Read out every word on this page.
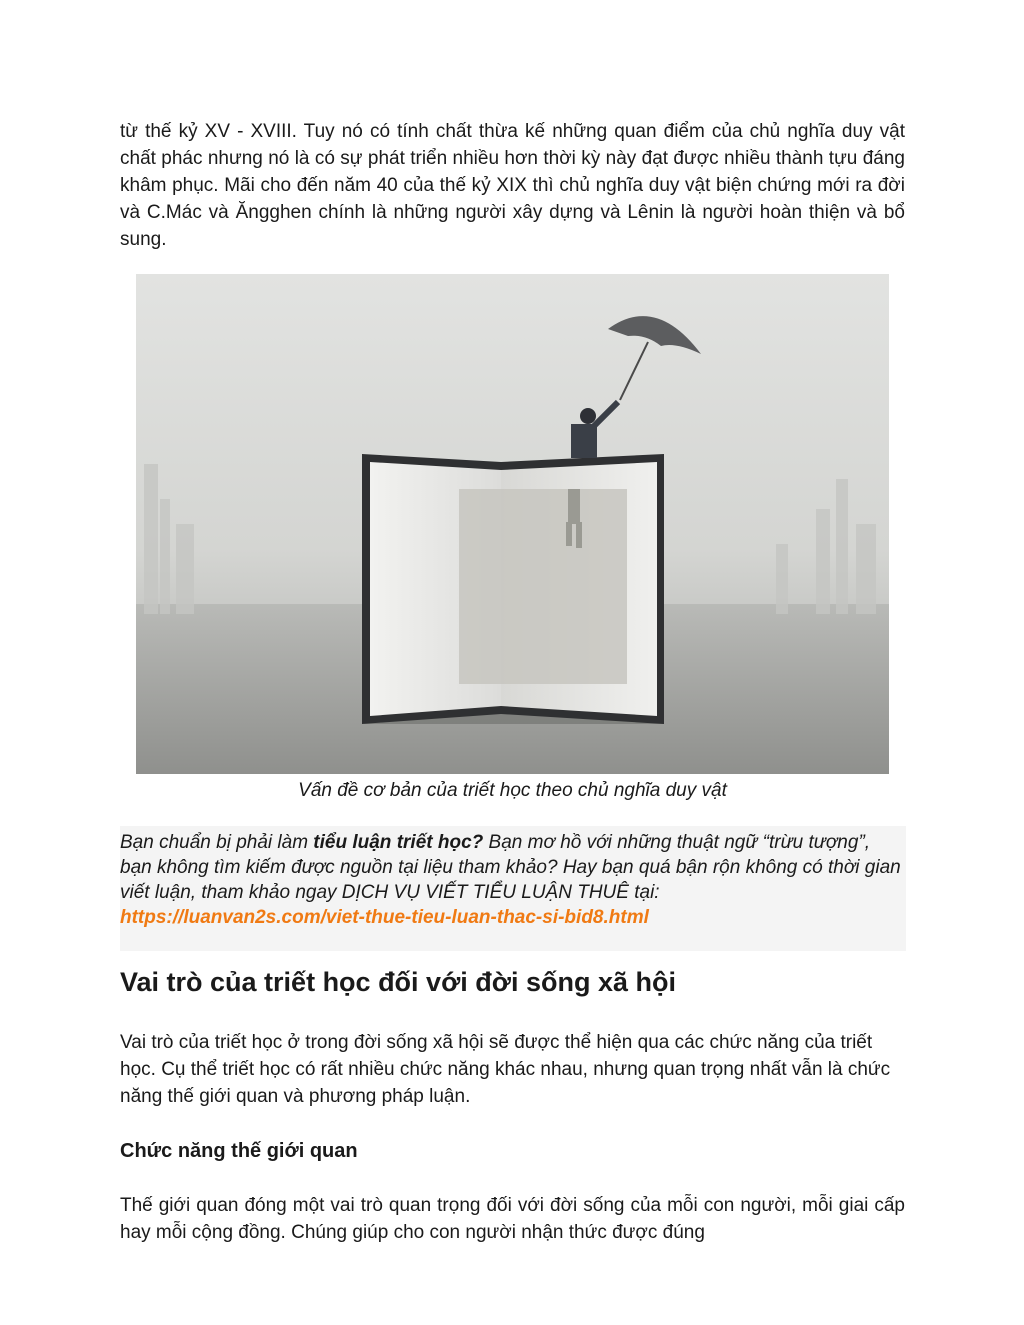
từ thế kỷ XV - XVIII. Tuy nó có tính chất thừa kế những quan điểm của chủ nghĩa duy vật chất phác nhưng nó là có sự phát triển nhiều hơn thời kỳ này đạt được nhiều thành tựu đáng khâm phục. Mãi cho đến năm 40 của thế kỷ XIX thì chủ nghĩa duy vật biện chứng mới ra đời và C.Mác và Ăngghen chính là những người xây dựng và Lênin là người hoàn thiện và bổ sung.

Vấn đề cơ bản của triết học theo chủ nghĩa duy vật

Bạn chuẩn bị phải làm tiểu luận triết học? Bạn mơ hồ với những thuật ngữ “trừu tượng”, bạn không tìm kiếm được nguồn tại liệu tham khảo? Hay bạn quá bận rộn không có thời gian viết luận, tham khảo ngay DỊCH VỤ VIẾT TIỂU LUẬN THUÊ tại: https://luanvan2s.com/viet-thue-tieu-luan-thac-si-bid8.html
Vai trò của triết học đối với đời sống xã hội

Vai trò của triết học ở trong đời sống xã hội sẽ được thể hiện qua các chức năng của triết học. Cụ thể triết học có rất nhiều chức năng khác nhau, nhưng quan trọng nhất vẫn là chức năng thế giới quan và phương pháp luận.

Chức năng thế giới quan

Thế giới quan đóng một vai trò quan trọng đối với đời sống của mỗi con người, mỗi giai cấp hay mỗi cộng đồng. Chúng giúp cho con người nhận thức được đúng
